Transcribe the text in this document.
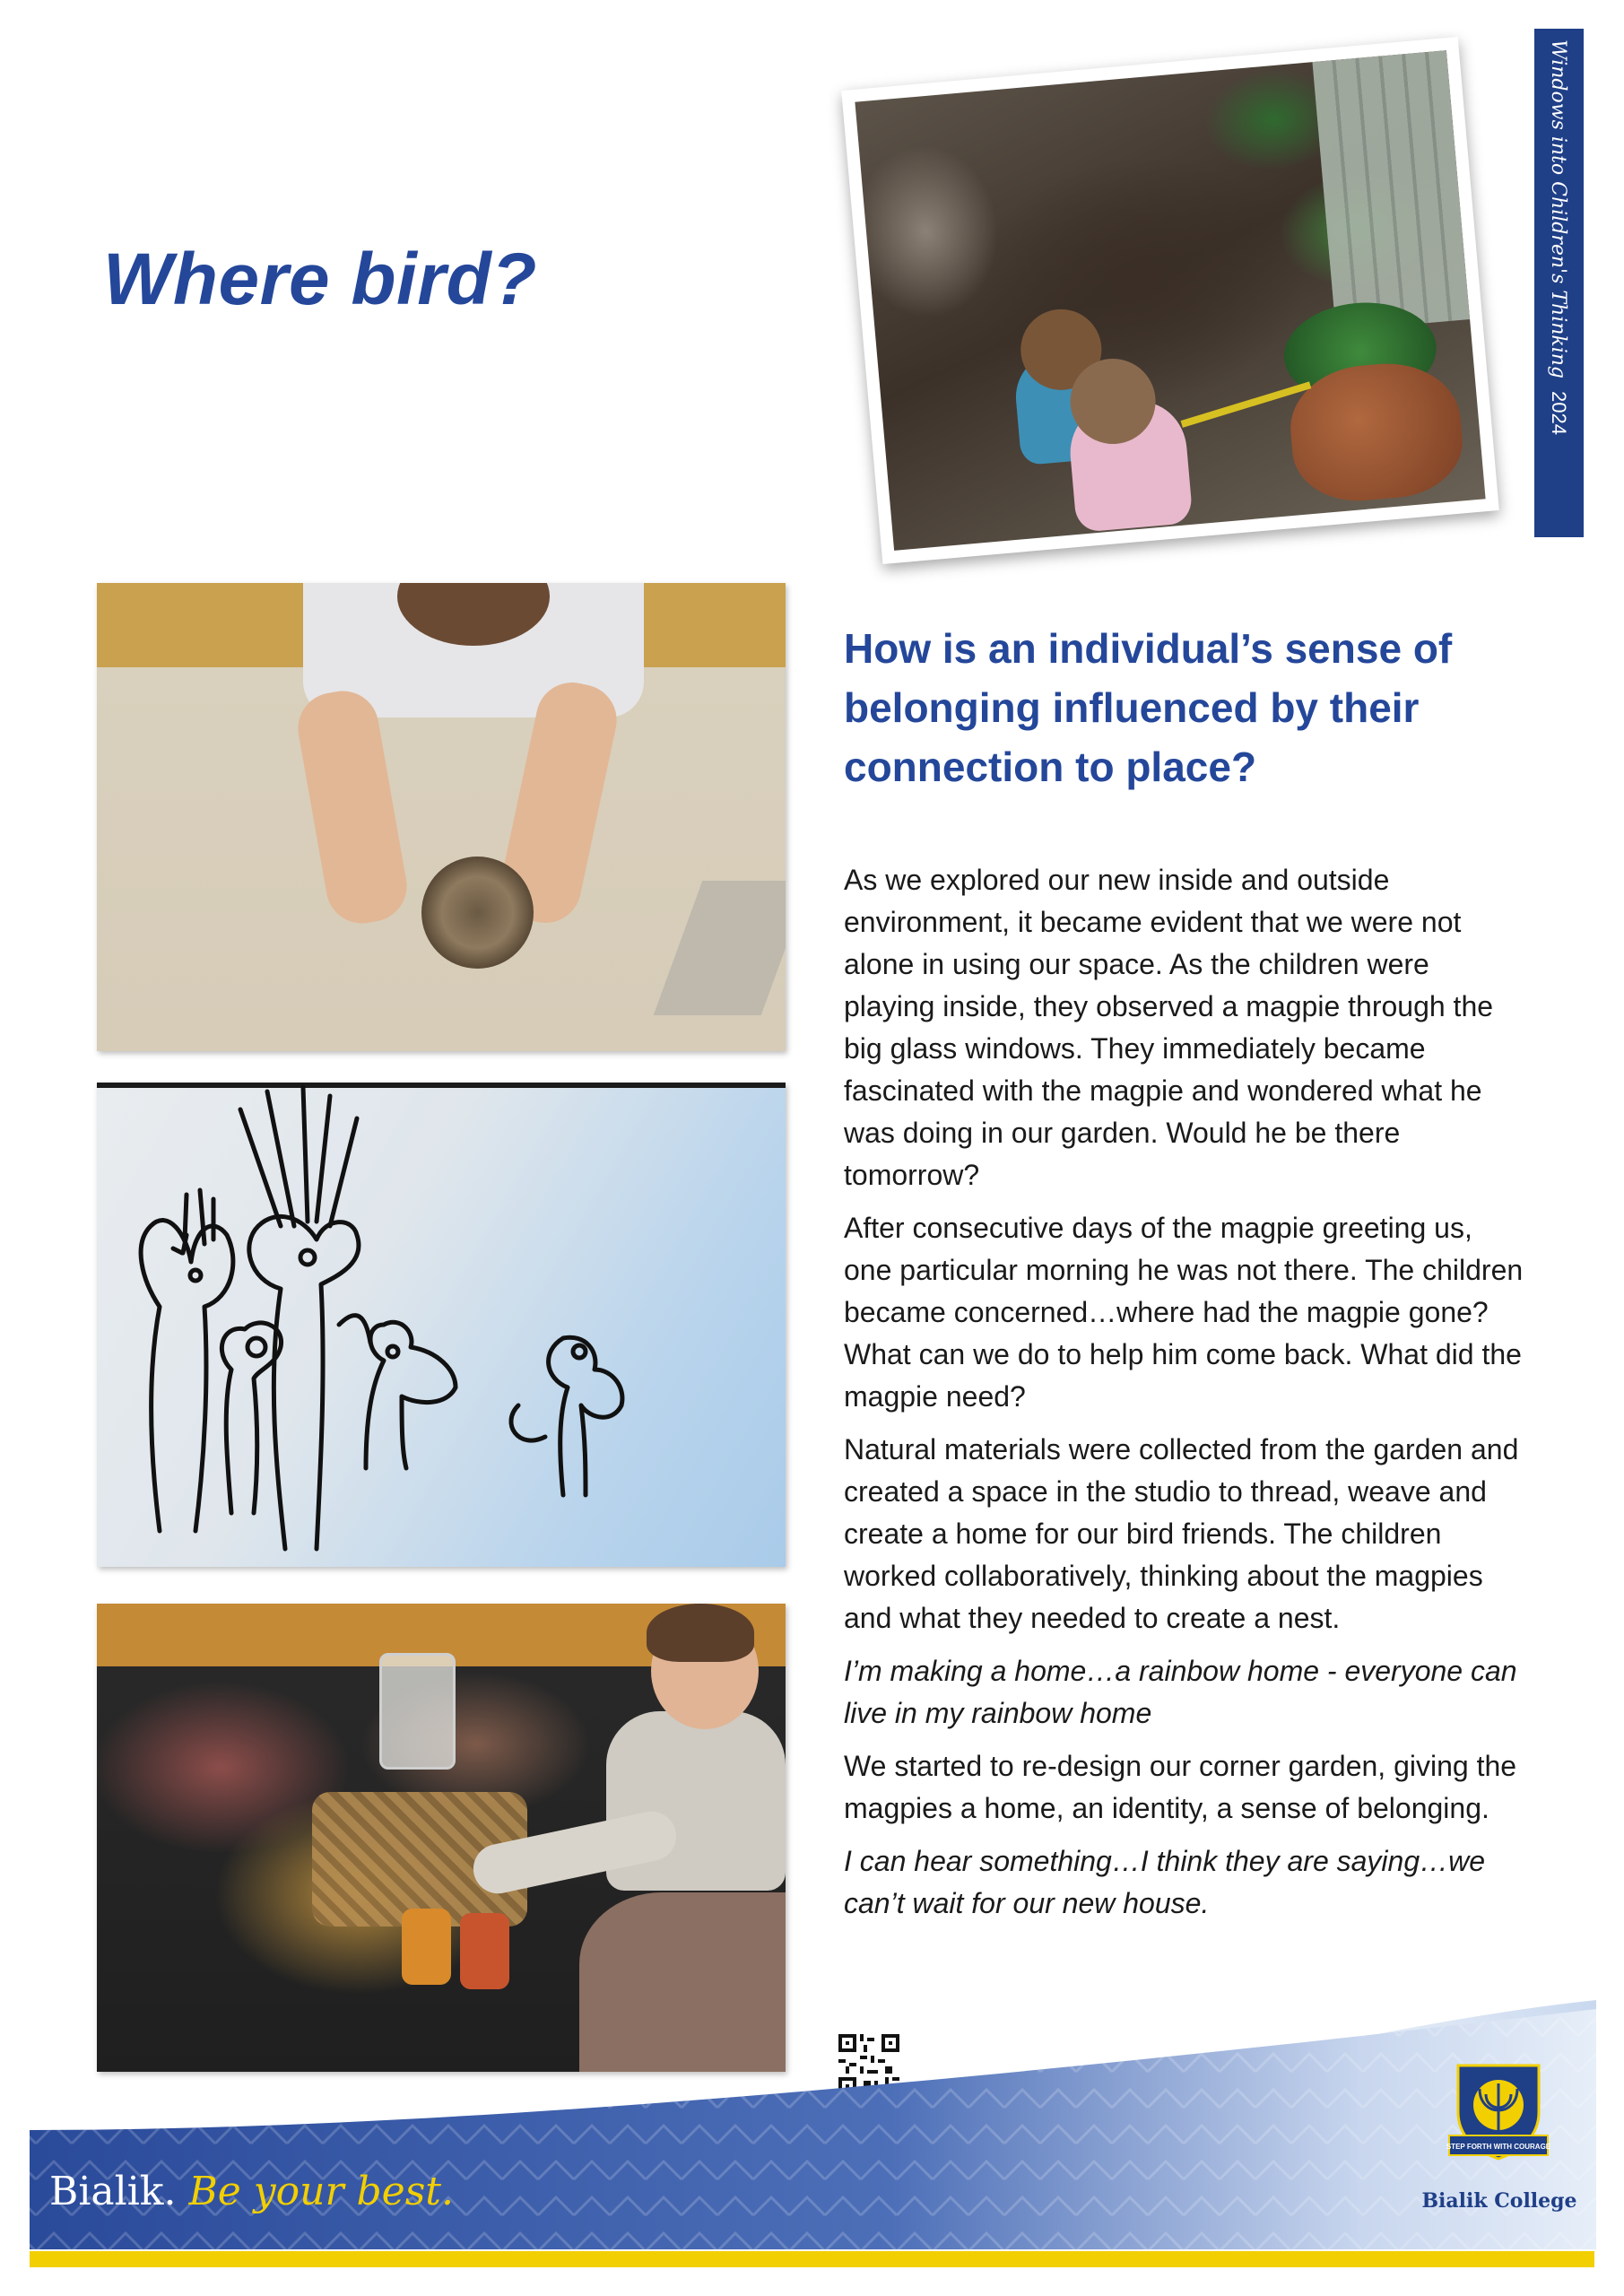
Windows into Children's Thinking2024
Where bird?
How is an individual’s sense of belonging influenced by their connection to place?

As we explored our new inside and outside environment, it became evident that we were not alone in using our space. As the children were playing inside, they observed a magpie through the big glass windows. They immediately became fascinated with the magpie and wondered what he was doing in our garden. Would he be there tomorrow?

After consecutive days of the magpie greeting us, one particular morning he was not there. The children became concerned…where had the magpie gone? What can we do to help him come back. What did the magpie need?

Natural materials were collected from the garden and created a space in the studio to thread, weave and create a home for our bird friends. The children worked collaboratively, thinking about the magpies and what they needed to create a nest.

I’m making a home…a rainbow home - everyone can live in my rainbow home

We started to re-design our corner garden, giving the magpies a home, an identity, a sense of belonging.

I can hear something…I think they are saying…we can’t wait for our new house.

Bialik. Be your best.
STEP FORTH WITH COURAGE
Bialik College
